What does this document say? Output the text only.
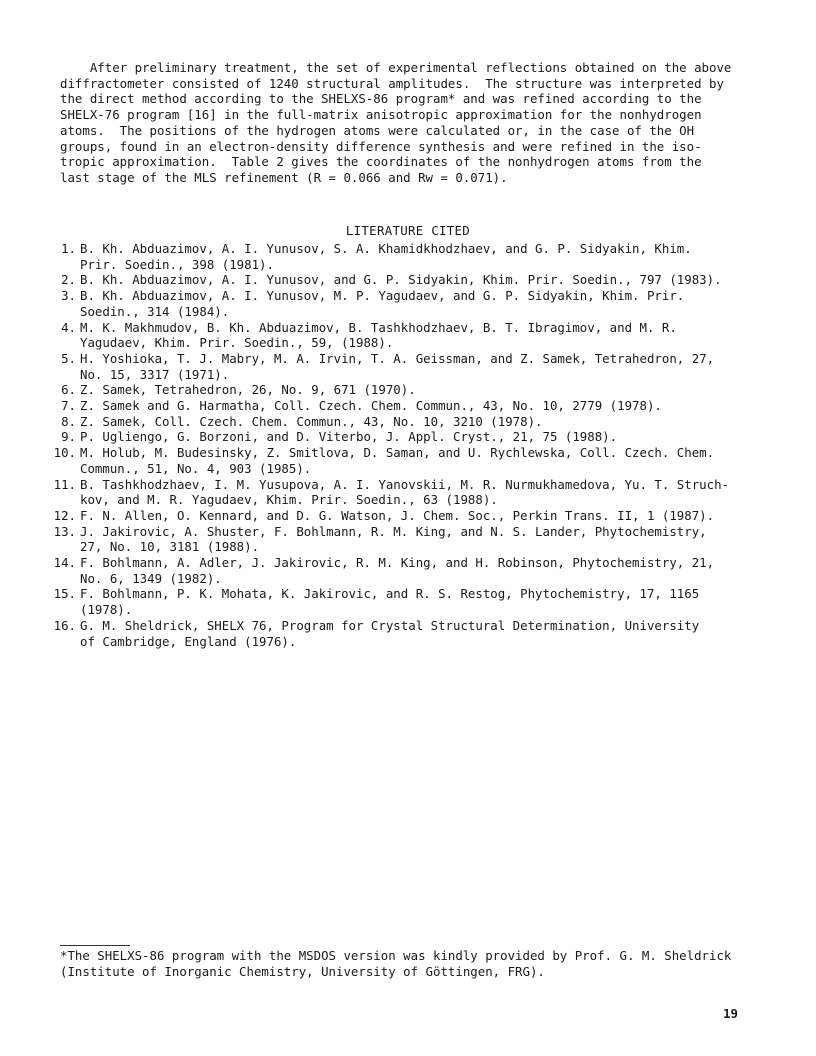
After preliminary treatment, the set of experimental reflections obtained on the above
diffractometer consisted of 1240 structural amplitudes.  The structure was interpreted by
the direct method according to the SHELXS-86 program* and was refined according to the
SHELX-76 program [16] in the full-matrix anisotropic approximation for the nonhydrogen
atoms.  The positions of the hydrogen atoms were calculated or, in the case of the OH
groups, found in an electron-density difference synthesis and were refined in the iso-
tropic approximation.  Table 2 gives the coordinates of the nonhydrogen atoms from the
last stage of the MLS refinement (R = 0.066 and Rw = 0.071).
LITERATURE CITED
1. B. Kh. Abduazimov, A. I. Yunusov, S. A. Khamidkhodzhaev, and G. P. Sidyakin, Khim.
Prir. Soedin., 398 (1981).
2. B. Kh. Abduazimov, A. I. Yunusov, and G. P. Sidyakin, Khim. Prir. Soedin., 797 (1983).
3. B. Kh. Abduazimov, A. I. Yunusov, M. P. Yagudaev, and G. P. Sidyakin, Khim. Prir.
Soedin., 314 (1984).
4. M. K. Makhmudov, B. Kh. Abduazimov, B. Tashkhodzhaev, B. T. Ibragimov, and M. R.
Yagudaev, Khim. Prir. Soedin., 59, (1988).
5. H. Yoshioka, T. J. Mabry, M. A. Irvin, T. A. Geissman, and Z. Samek, Tetrahedron, 27,
No. 15, 3317 (1971).
6. Z. Samek, Tetrahedron, 26, No. 9, 671 (1970).
7. Z. Samek and G. Harmatha, Coll. Czech. Chem. Commun., 43, No. 10, 2779 (1978).
8. Z. Samek, Coll. Czech. Chem. Commun., 43, No. 10, 3210 (1978).
9. P. Ugliengo, G. Borzoni, and D. Viterbo, J. Appl. Cryst., 21, 75 (1988).
10. M. Holub, M. Budesinsky, Z. Smitlova, D. Saman, and U. Rychlewska, Coll. Czech. Chem.
Commun., 51, No. 4, 903 (1985).
11. B. Tashkhodzhaev, I. M. Yusupova, A. I. Yanovskii, M. R. Nurmukhamedova, Yu. T. Struch-
kov, and M. R. Yagudaev, Khim. Prir. Soedin., 63 (1988).
12. F. N. Allen, O. Kennard, and D. G. Watson, J. Chem. Soc., Perkin Trans. II, 1 (1987).
13. J. Jakirovic, A. Shuster, F. Bohlmann, R. M. King, and N. S. Lander, Phytochemistry,
27, No. 10, 3181 (1988).
14. F. Bohlmann, A. Adler, J. Jakirovic, R. M. King, and H. Robinson, Phytochemistry, 21,
No. 6, 1349 (1982).
15. F. Bohlmann, P. K. Mohata, K. Jakirovic, and R. S. Restog, Phytochemistry, 17, 1165
(1978).
16. G. M. Sheldrick, SHELX 76, Program for Crystal Structural Determination, University
of Cambridge, England (1976).
*The SHELXS-86 program with the MSDOS version was kindly provided by Prof. G. M. Sheldrick
(Institute of Inorganic Chemistry, University of Göttingen, FRG).
19
